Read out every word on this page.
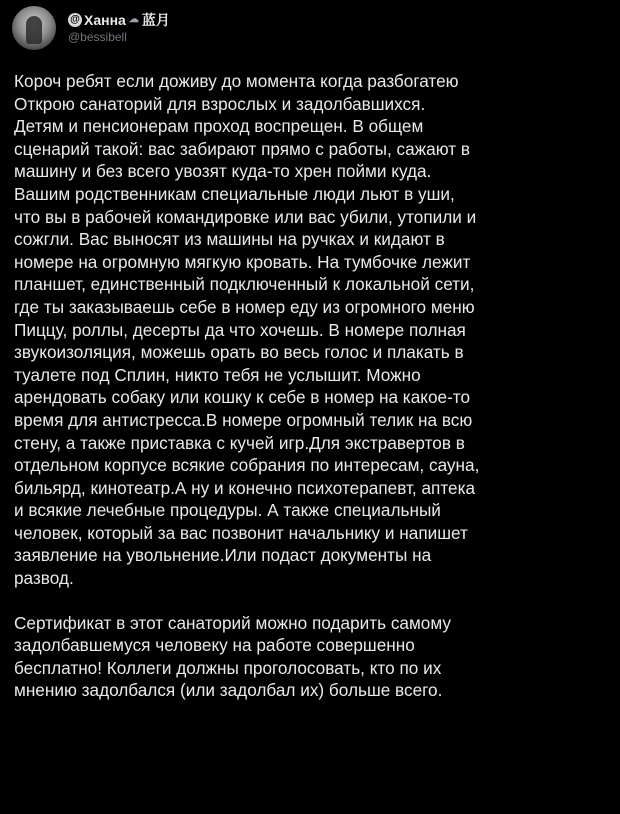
@ Ханна ☁ 蓝月
@bessibell

Короч ребят если доживу до момента когда разбогатею
Открою санаторий для взрослых и задолбавшихся.
Детям и пенсионерам проход воспрещен. В общем
сценарий такой: вас забирают прямо с работы, сажают в
машину и без всего увозят куда-то хрен пойми куда.
Вашим родственникам специальные люди льют в уши,
что вы в рабочей командировке или вас убили, утопили и
сожгли. Вас выносят из машины на ручках и кидают в
номере на огромную мягкую кровать. На тумбочке лежит
планшет, единственный подключенный к локальной сети,
где ты заказываешь себе в номер еду из огромного меню
Пиццу, роллы, десерты да что хочешь. В номере полная
звукоизоляция, можешь орать во весь голос и плакать в
туалете под Сплин, никто тебя не услышит. Можно
арендовать собаку или кошку к себе в номер на какое-то
время для антистресса.В номере огромный телик на всю
стену, а также приставка с кучей игр.Для экстравертов в
отдельном корпусе всякие собрания по интересам, сауна,
бильярд, кинотеатр.А ну и конечно психотерапевт, аптека
и всякие лечебные процедуры. А также специальный
человек, который за вас позвонит начальнику и напишет
заявление на увольнение.Или подаст документы на
развод.

Сертификат в этот санаторий можно подарить самому
задолбавшемуся человеку на работе совершенно
бесплатно! Коллеги должны проголосовать, кто по их
мнению задолбался (или задолбал их) больше всего.
